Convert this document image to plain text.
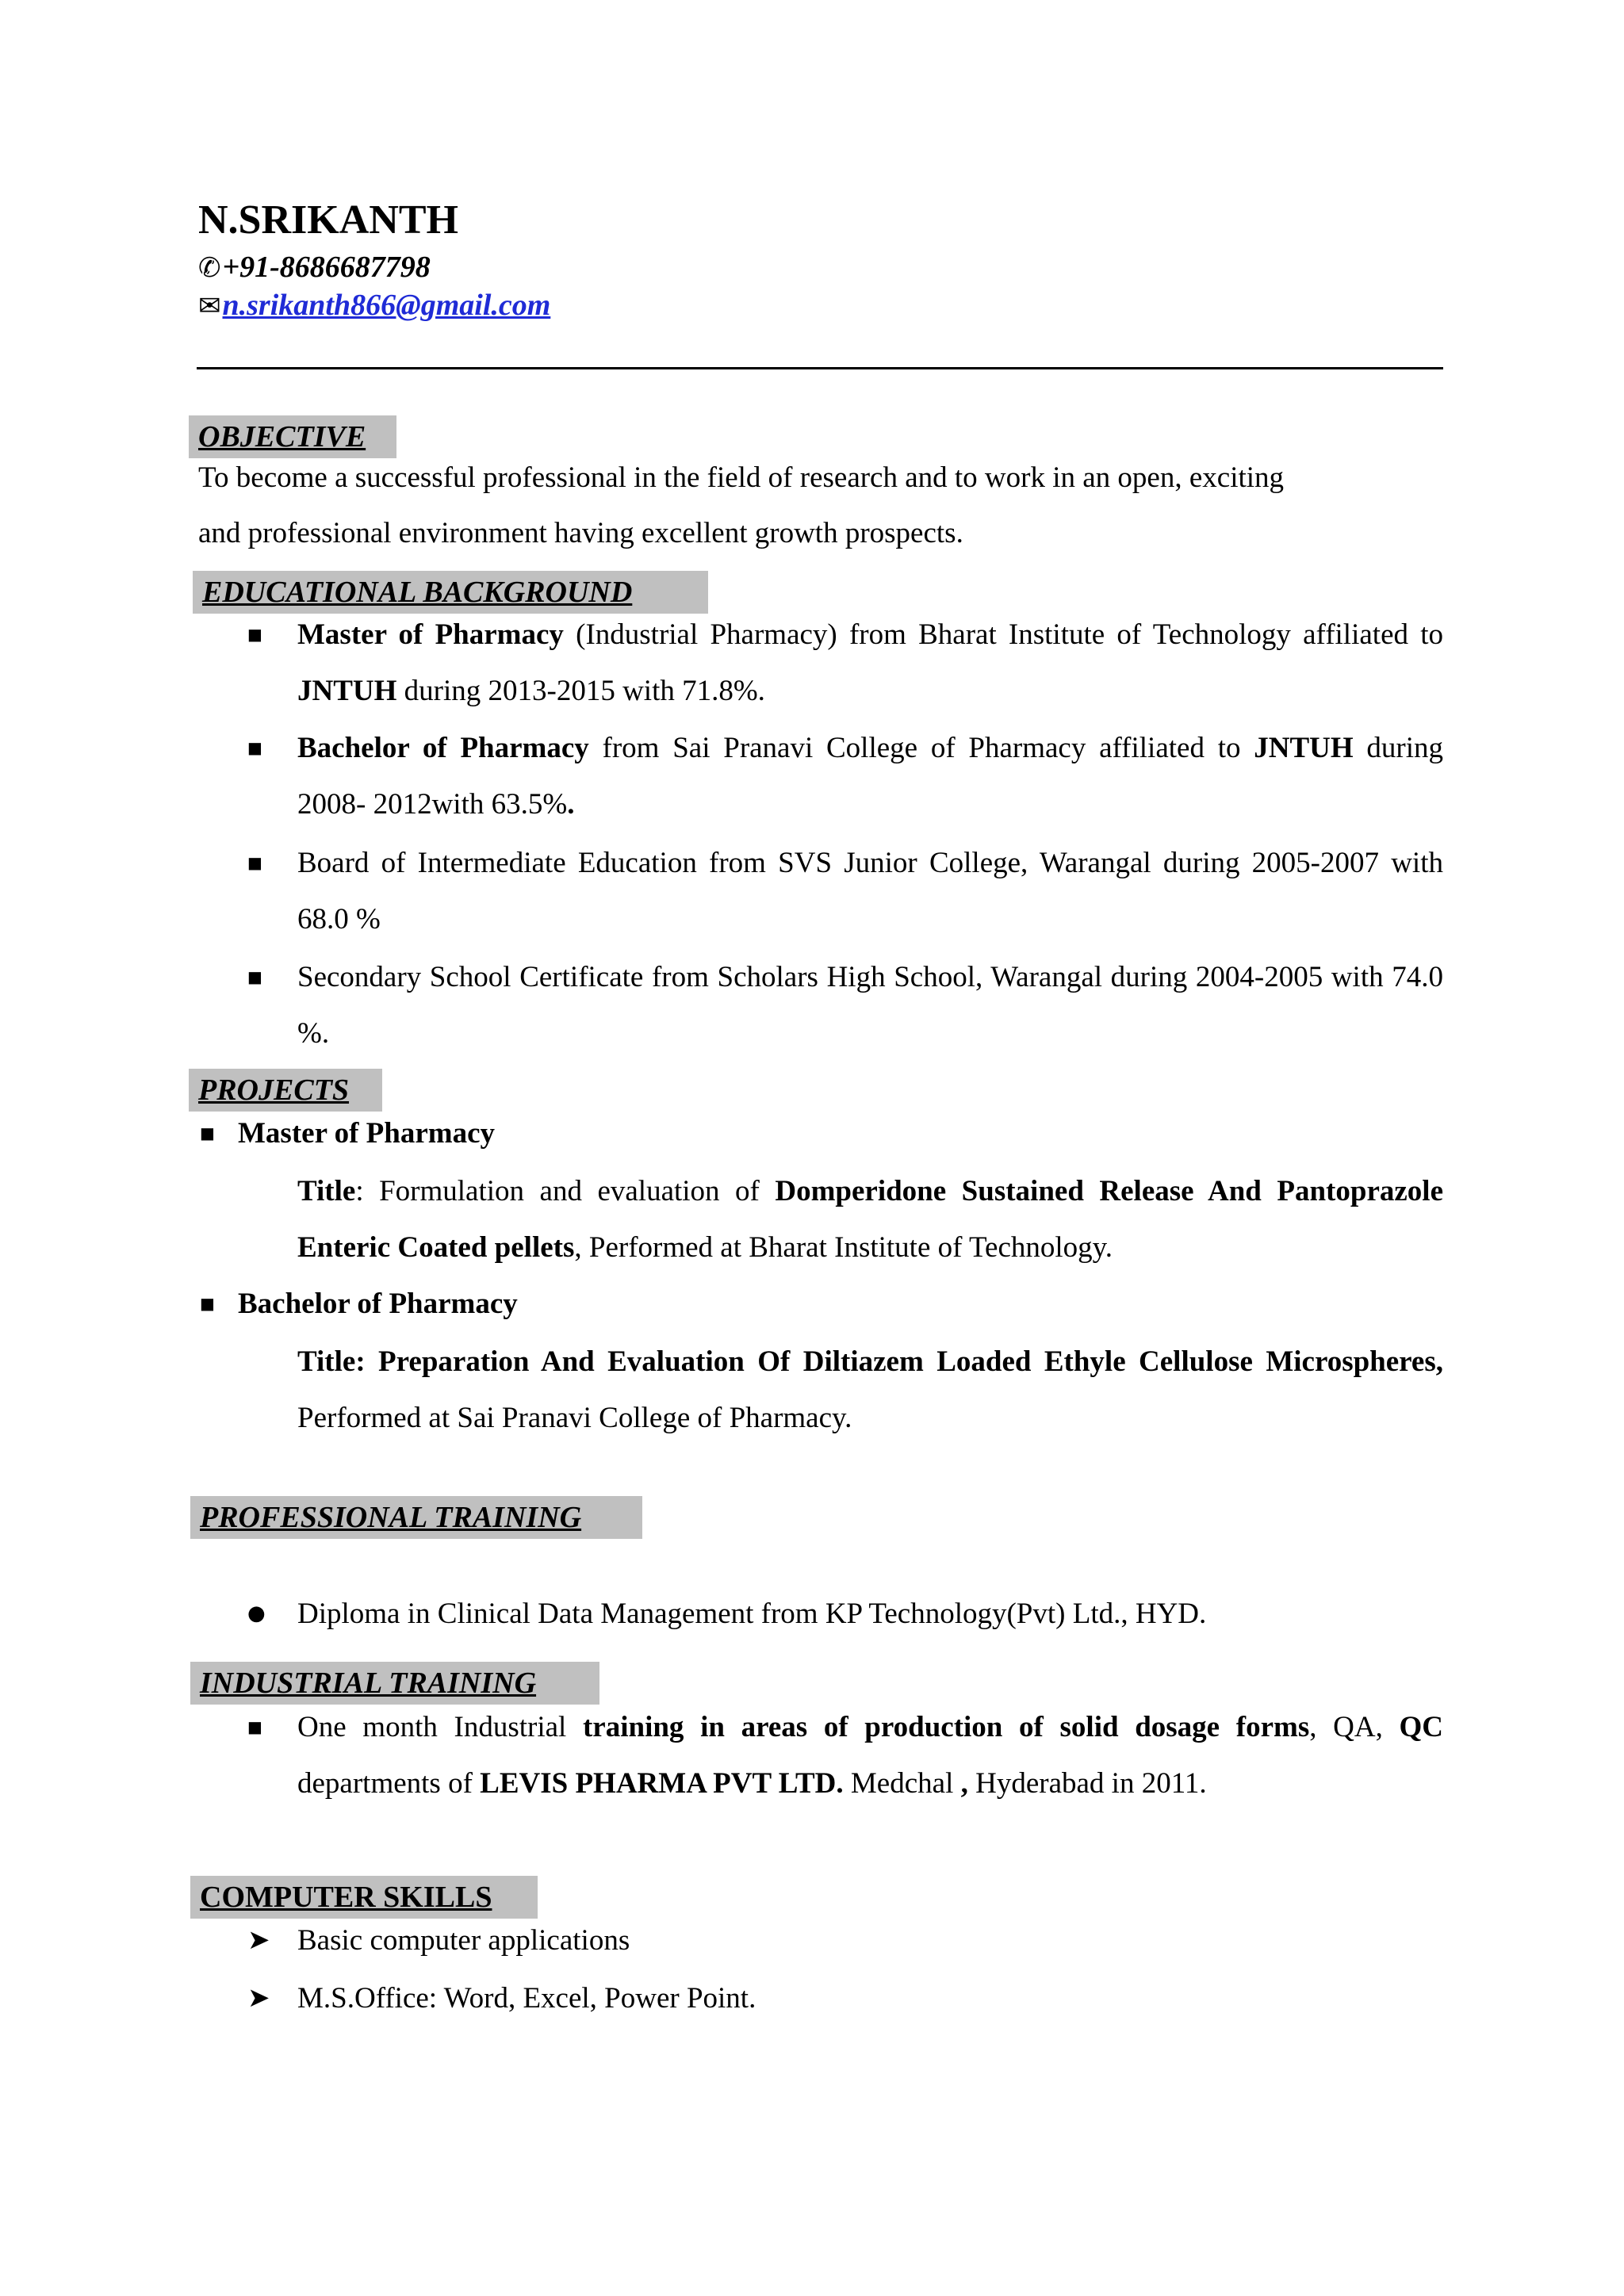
N.SRIKANTH
✆+91-8686687798
✉n.srikanth866@gmail.com
OBJECTIVE
To become a successful professional in the field of research and to work in an open, exciting
and professional environment having excellent growth prospects.
EDUCATIONAL BACKGROUND
■ Master of Pharmacy (Industrial Pharmacy) from Bharat Institute of Technology affiliated to JNTUH during 2013-2015 with 71.8%.
■ Bachelor of Pharmacy from Sai Pranavi College of Pharmacy affiliated to JNTUH during 2008- 2012with 63.5%.
■ Board of Intermediate Education from SVS Junior College, Warangal during 2005-2007 with 68.0 %
■ Secondary School Certificate from Scholars High School, Warangal during 2004-2005 with 74.0 %.
PROJECTS
■ Master of Pharmacy
Title: Formulation and evaluation of Domperidone Sustained Release And Pantoprazole Enteric Coated pellets, Performed at Bharat Institute of Technology.
■ Bachelor of Pharmacy
Title: Preparation And Evaluation Of Diltiazem Loaded Ethyle Cellulose Microspheres, Performed at Sai Pranavi College of Pharmacy.
PROFESSIONAL TRAINING
● Diploma in Clinical Data Management from KP Technology(Pvt) Ltd., HYD.
INDUSTRIAL TRAINING
■ One month Industrial training in areas of production of solid dosage forms, QA, QC departments of LEVIS PHARMA PVT LTD. Medchal , Hyderabad in 2011.
COMPUTER SKILLS
➤ Basic computer applications
➤ M.S.Office: Word, Excel, Power Point.
